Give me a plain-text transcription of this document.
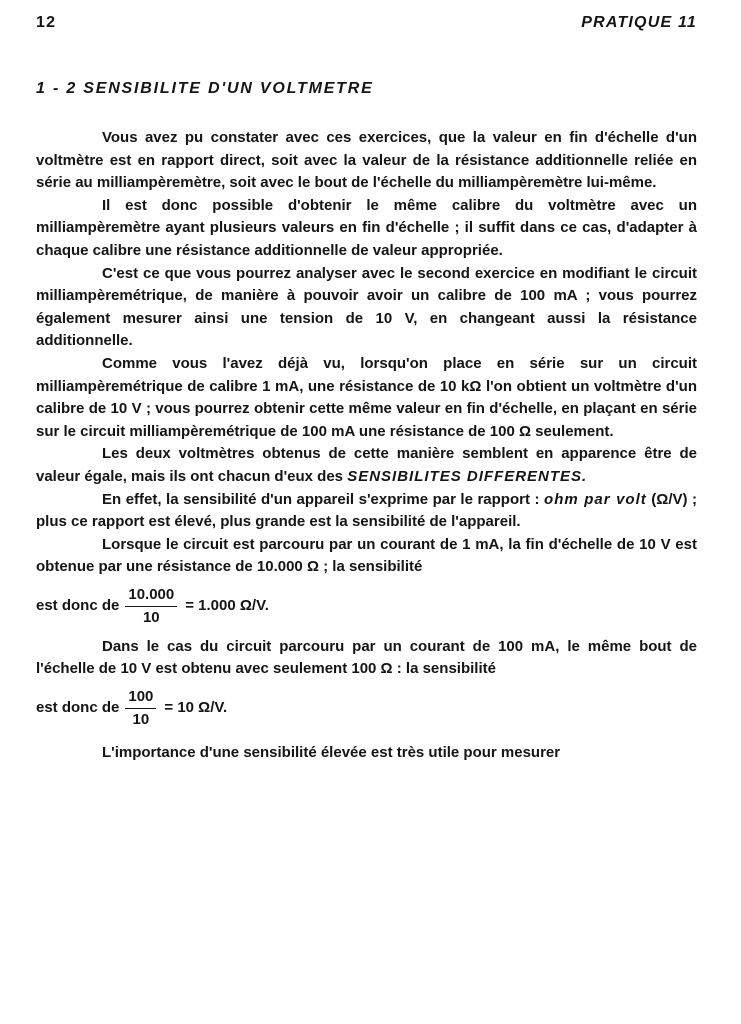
12	PRATIQUE 11
1 - 2 SENSIBILITE D'UN VOLTMETRE

Vous avez pu constater avec ces exercices, que la valeur en fin d'échelle d'un voltmètre est en rapport direct, soit avec la valeur de la résistance additionnelle reliée en série au milliampèremètre, soit avec le bout de l'échelle du milliampèremètre lui-même.

Il est donc possible d'obtenir le même calibre du voltmètre avec un milliampèremètre ayant plusieurs valeurs en fin d'échelle ; il suffit dans ce cas, d'adapter à chaque calibre une résistance additionnelle de valeur appropriée.

C'est ce que vous pourrez analyser avec le second exercice en modifiant le circuit milliampèremétrique, de manière à pouvoir avoir un calibre de 100 mA ; vous pourrez également mesurer ainsi une tension de 10 V, en changeant aussi la résistance additionnelle.

Comme vous l'avez déjà vu, lorsqu'on place en série sur un circuit milliampèremétrique de calibre 1 mA, une résistance de 10 kΩ l'on obtient un voltmètre d'un calibre de 10 V ; vous pourrez obtenir cette même valeur en fin d'échelle, en plaçant en série sur le circuit milliampèremétrique de 100 mA une résistance de 100 Ω seulement.

Les deux voltmètres obtenus de cette manière semblent en apparence être de valeur égale, mais ils ont chacun d'eux des SENSIBILITES DIFFERENTES.

En effet, la sensibilité d'un appareil s'exprime par le rapport : ohm par volt (Ω/V) ; plus ce rapport est élevé, plus grande est la sensibilité de l'appareil.

Lorsque le circuit est parcouru par un courant de 1 mA, la fin d'échelle de 10 V est obtenue par une résistance de 10.000 Ω ; la sensibilité

est donc de $\frac{10.000}{10} = 1.000$ Ω/V.

Dans le cas du circuit parcouru par un courant de 100 mA, le même bout de l'échelle de 10 V est obtenu avec seulement 100 Ω : la sensibilité

est donc de $\frac{100}{10} = 10$ Ω/V.

L'importance d'une sensibilité élevée est très utile pour mesurer
